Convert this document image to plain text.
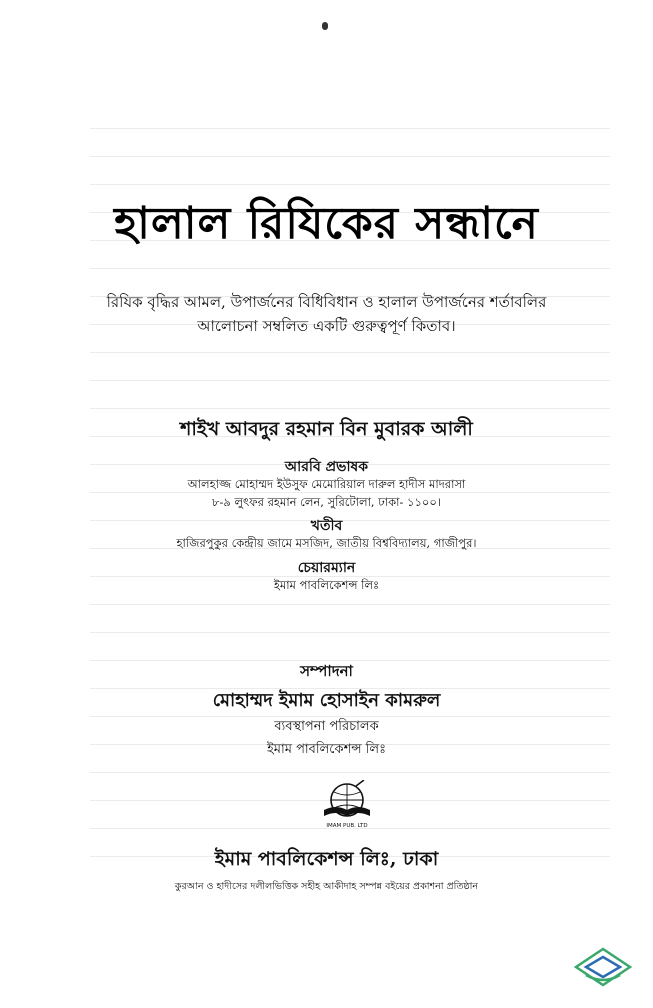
হালাল রিযিকের সন্ধানে
রিযিক বৃদ্ধির আমল, উপার্জনের বিধিবিধান ও হালাল উপার্জনের শর্তাবলির আলোচনা সম্বলিত একটি গুরুত্বপূর্ণ কিতাব।
শাইখ আবদুর রহমান বিন মুবারক আলী
আরবি প্রভাষক
আলহাজ্জ মোহাম্মদ ইউসুফ মেমোরিয়াল দারুল হাদীস মাদরাসা
৮-৯ লুৎফর রহমান লেন, সুরিটোলা, ঢাকা- ১১০০।
খতীব
হাজিরপুকুর কেন্দ্রীয় জামে মসজিদ, জাতীয় বিশ্ববিদ্যালয়, গাজীপুর।
চেয়ারম্যান
ইমাম পাবলিকেশন্স লিঃ
সম্পাদনা
মোহাম্মদ ইমাম হোসাইন কামরুল
ব্যবস্থাপনা পরিচালক
ইমাম পাবলিকেশন্স লিঃ
IMAM PUB. LTD
ইমাম পাবলিকেশন্স লিঃ, ঢাকা
কুরআন ও হাদীসের দলীলভিত্তিক সহীহ আকীদাহ সম্পন্ন বইয়ের প্রকাশনা প্রতিষ্ঠান
